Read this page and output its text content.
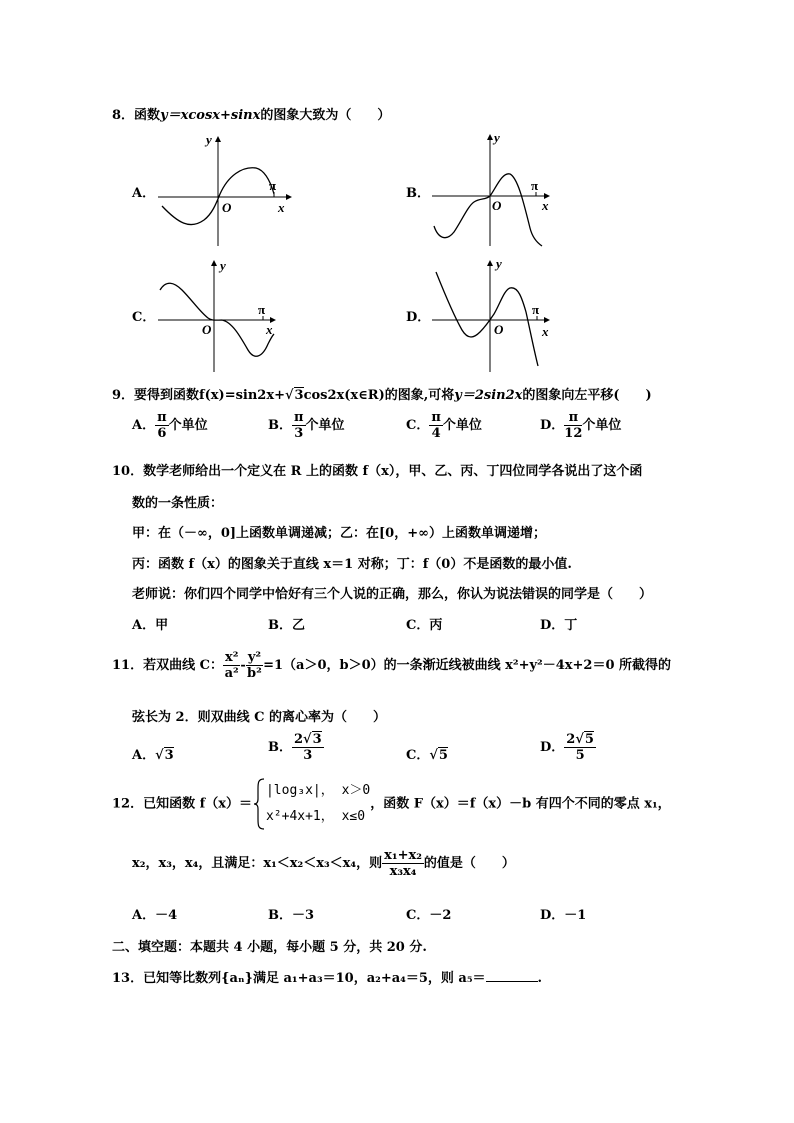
8．函数y＝xcosx+sinx的图象大致为（　　）
A．
y
x
O
π
B．
y
x
O
π
C．
y
x
O
π
D．
y
x
O
π
9．要得到函数f(x)=sin2x+√3cos2x(x∈R)的图象,可将y＝2sin2x的图象向左平移(　　)
A． $\frac{\pi}{6}$ 个单位	B． $\frac{\pi}{3}$ 个单位	C． $\frac{\pi}{4}$ 个单位	D． $\frac{\pi}{12}$ 个单位
10．数学老师给出一个定义在 R 上的函数 f（x），甲、乙、丙、丁四位同学各说出了这个函
数的一条性质：
甲：在（－∞，0]上函数单调递减；乙：在[0，+∞）上函数单调递增；
丙：函数 f（x）的图象关于直线 x＝1 对称；丁：f（0）不是函数的最小值.
老师说：你们四个同学中恰好有三个人说的正确，那么，你认为说法错误的同学是（　　）
A．甲	B．乙	C．丙	D．丁
11．若双曲线 C： $\frac{\text{x²}}{\text{a²}} - \frac{\text{y²}}{\text{b²}} =1(a>0$，b＞0）的一条渐近线被曲线 x²+y²－4x+2＝0 所截得的
弦长为 2．则双曲线 C 的离心率为（　　）
A．√3
B． $\frac{2√3}{3}$	C．√5
D． $\frac{2√5}{5}$
12．已知函数 f（x）＝
|log₃x|， x＞0
x²+4x+1， x≤0
，函数 F（x）＝f（x）－b 有四个不同的零点 x₁，
x₂，x₃，x₄，且满足：x₁＜x₂＜x₃＜x₄，则 $\frac{\text{x₁+x₂}}{\text{x₃x₄}}$ 的值是（　　）
A．－4	B．－3	C．－2	D．－1
二、填空题：本题共 4 小题，每小题 5 分，共 20 分.
13．已知等比数列{aₙ}满足 a₁+a₃＝10，a₂+a₄＝5，则 a₅＝	.
